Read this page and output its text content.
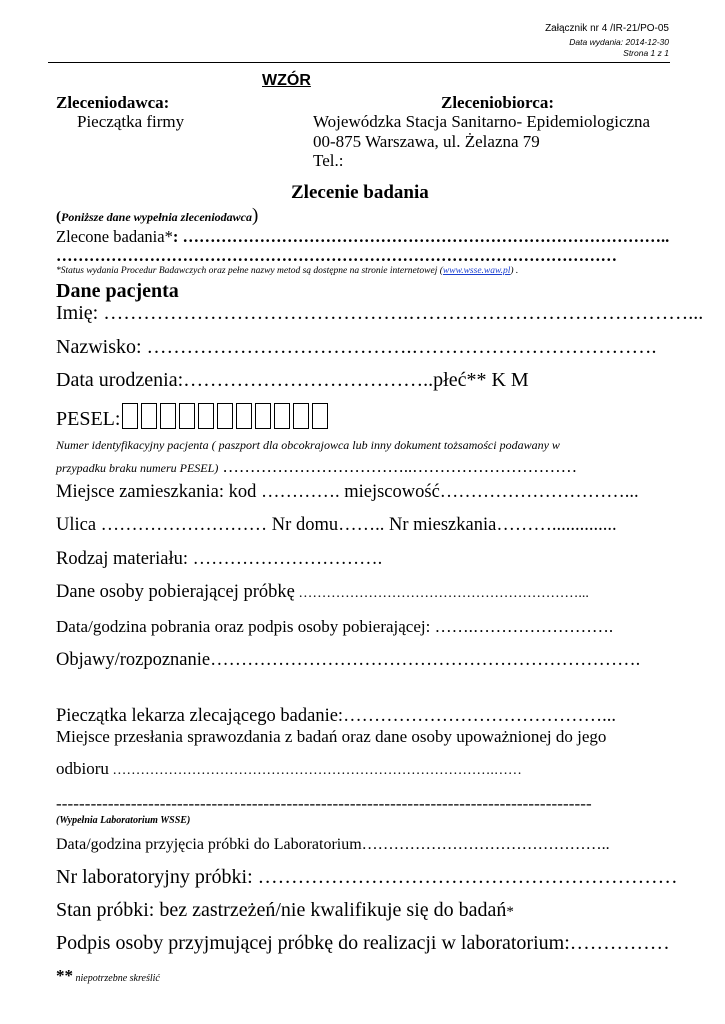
Załącznik nr 4 /IR-21/PO-05
Data wydania: 2014-12-30
Strona 1 z 1
WZÓR
Zleceniodawca:
Pieczątka firmy
Zleceniobiorca:
Wojewódzka Stacja Sanitarno- Epidemiologiczna
00-875 Warszawa, ul. Żelazna 79
Tel.:
Zlecenie badania
(Poniższe dane wypełnia zleceniodawca)
Zlecone badania*: ……………………………………………………………………………..
…………………………………………………………………………………………
*Status wydania Procedur Badawczych oraz pełne nazwy metod są dostępne na stronie internetowej (www.wsse.waw.pl) .
Dane pacjenta
Imię: ……………………………………….……………………………………...
Nazwisko: ………………………………….……………………………….
Data urodzenia:………………………………..płeć** K M
PESEL:
Numer identyfikacyjny pacjenta ( paszport dla obcokrajowca lub inny dokument tożsamości podawany w
przypadku braku numeru PESEL) ……………………………..…………………………
Miejsce zamieszkania: kod …………. miejscowość…………………………...
Ulica ……………………… Nr domu…….. Nr mieszkania………..............
Rodzaj materiału: ………………………….
Dane osoby pobierającej próbkę ……………………………………………………...
Data/godzina pobrania oraz podpis osoby pobierającej: …….…………………….
Objawy/rozpoznanie…………………………………………………………….
Pieczątka lekarza zlecającego badanie:……………………………………...
Miejsce przesłania sprawozdania z badań oraz dane osoby upoważnionej do jego
odbioru ……………………………………………………………………….……
---------------------------------------------------------------------------------------------
(Wypełnia Laboratorium WSSE)
Data/godzina przyjęcia próbki do Laboratorium………………………………………..
Nr laboratoryjny próbki: ………………………………………………………
Stan próbki: bez zastrzeżeń/nie kwalifikuje się do badań*
Podpis osoby przyjmującej próbkę do realizacji w laboratorium:……………
** niepotrzebne skreślić
